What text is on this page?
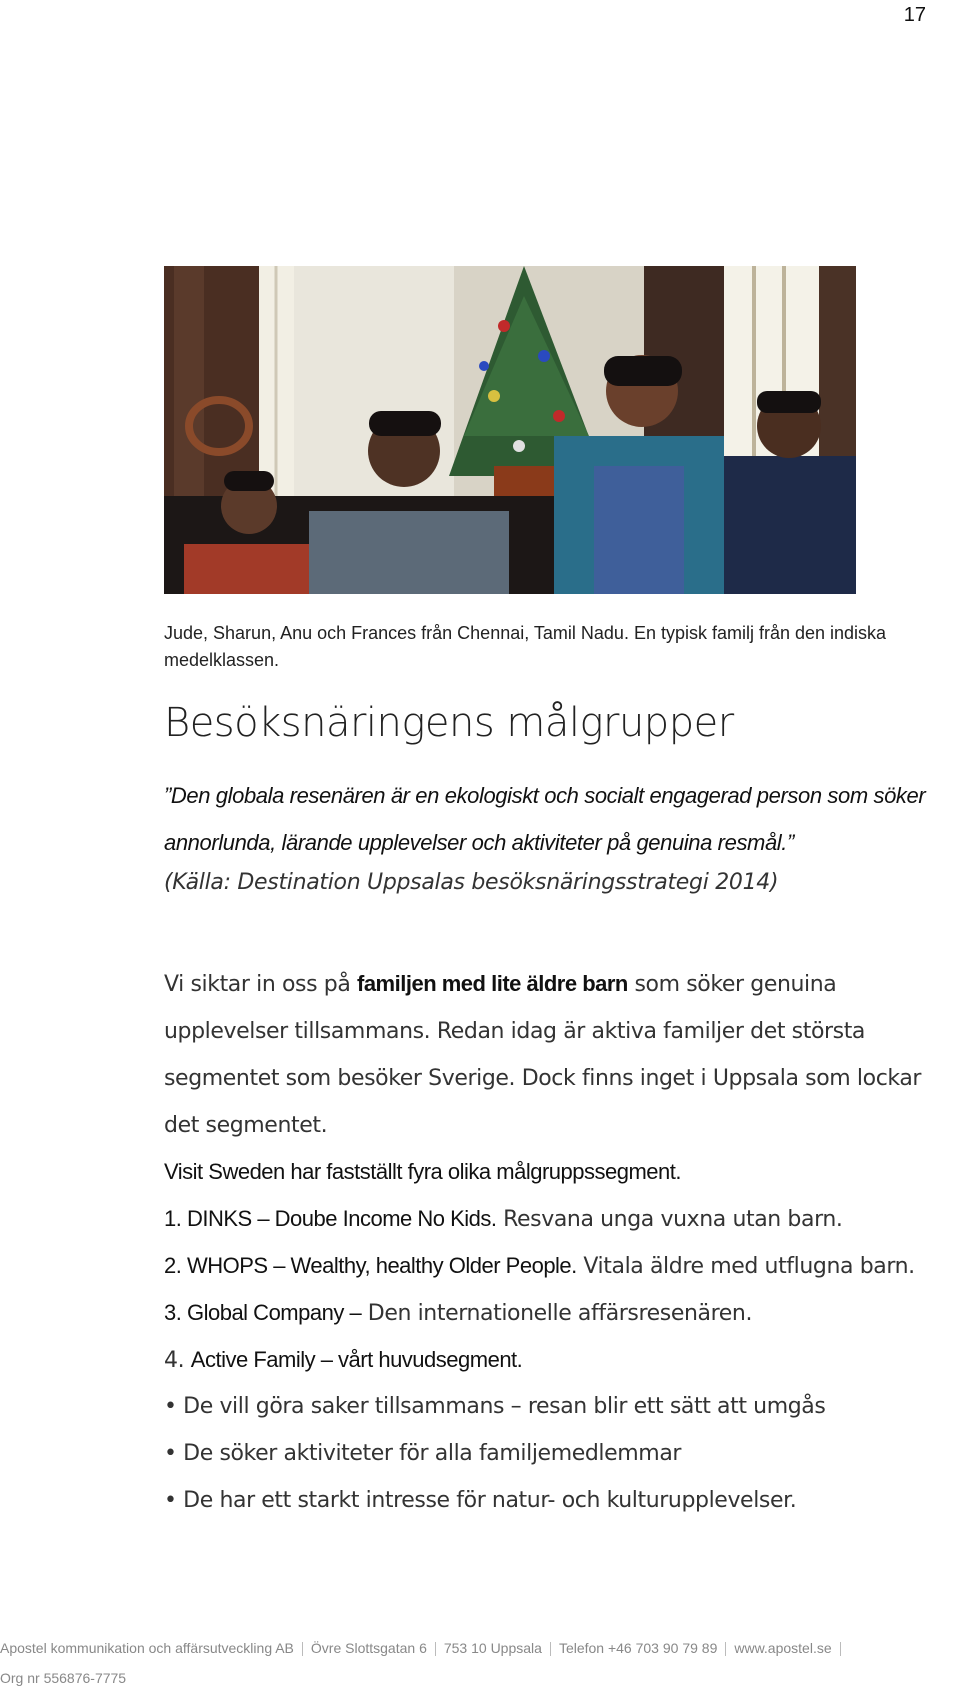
17
Jude, Sharun, Anu och Frances från Chennai, Tamil Nadu. En typisk familj från den indiska medelklassen.
Besöksnäringens målgrupper
”Den globala resenären är en ekologiskt och socialt engagerad person som söker annorlunda, lärande upplevelser och aktiviteter på genuina resmål.”
(Källa: Destination Uppsalas besöksnäringsstrategi 2014)
Vi siktar in oss på familjen med lite äldre barn som söker genuina upplevelser tillsammans. Redan idag är aktiva familjer det största segmentet som besöker Sverige. Dock finns inget i Uppsala som lockar det segmentet.
Visit Sweden har fastställt fyra olika målgruppssegment.
1. DINKS – Doube Income No Kids. Resvana unga vuxna utan barn.
2. WHOPS – Wealthy, healthy Older People. Vitala äldre med utflugna barn.
3. Global Company – Den internationelle affärsresenären.
4. Active Family – vårt huvudsegment.
• De vill göra saker tillsammans – resan blir ett sätt att umgås
• De söker aktiviteter för alla familjemedlemmar
• De har ett starkt intresse för natur- och kulturupplevelser.
Apostel kommunikation och affärsutveckling AB Övre Slottsgatan 6 753 10 Uppsala Telefon +46 703 90 79 89 www.apostel.se
Org nr 556876-7775
